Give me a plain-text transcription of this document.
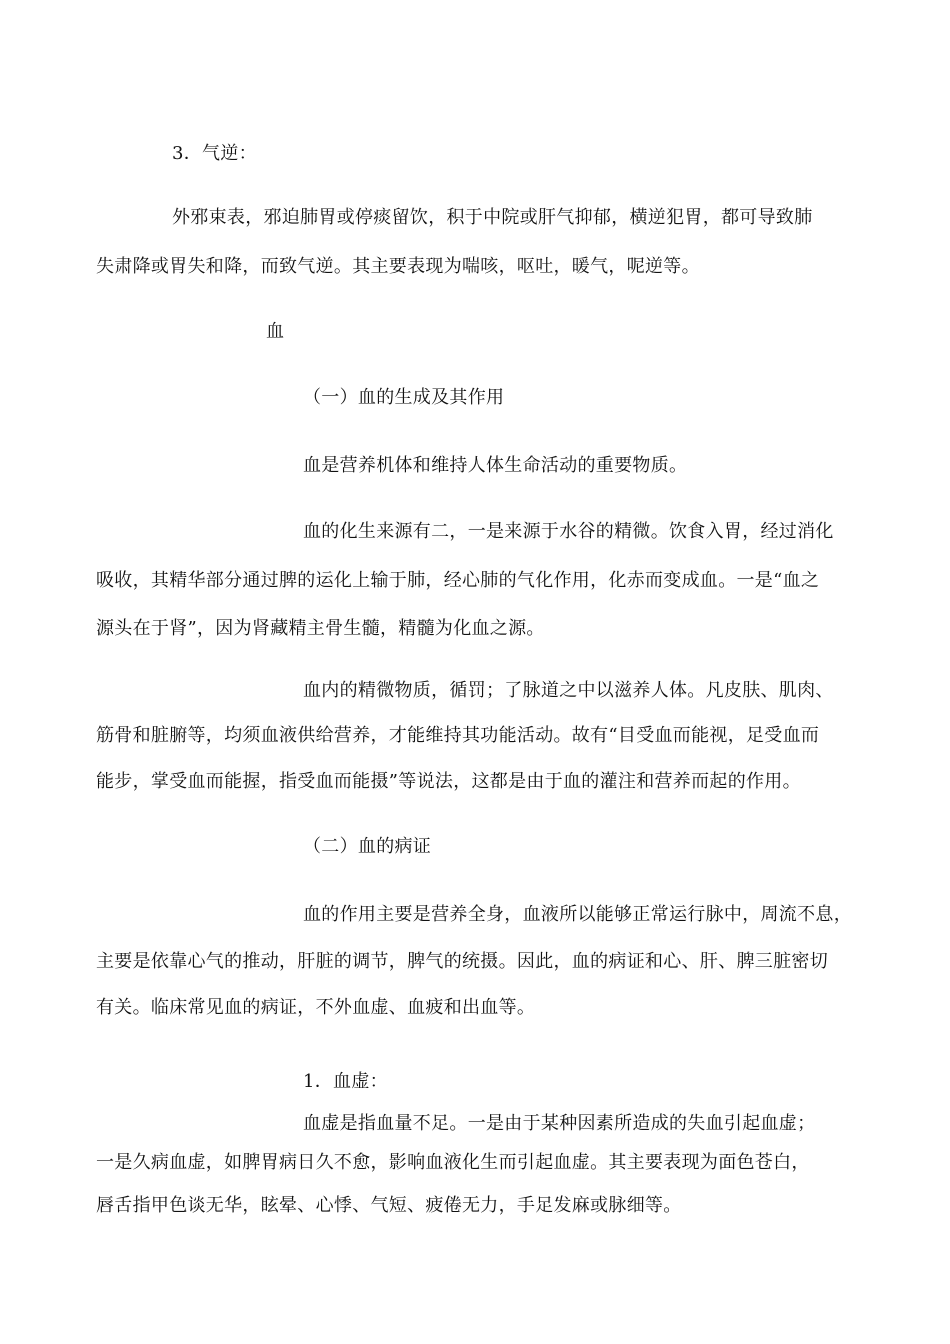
3．气逆：
外邪束表，邪迫肺胃或停痰留饮，积于中院或肝气抑郁，横逆犯胃，都可导致肺
失肃降或胃失和降，而致气逆。其主要表现为喘咳，呕吐，暖气，呢逆等。
血
（一）血的生成及其作用
血是营养机体和维持人体生命活动的重要物质。
血的化生来源有二，一是来源于水谷的精微。饮食入胃，经过消化
吸收，其精华部分通过脾的运化上输于肺，经心肺的气化作用，化赤而变成血。一是“血之
源头在于肾”，因为肾藏精主骨生髓，精髓为化血之源。
血内的精微物质，循罚；了脉道之中以滋养人体。凡皮肤、肌肉、
筋骨和脏腑等，均须血液供给营养，才能维持其功能活动。故有“目受血而能视，足受血而
能步，掌受血而能握，指受血而能摄”等说法，这都是由于血的灌注和营养而起的作用。
（二）血的病证
血的作用主要是营养全身，血液所以能够正常运行脉中，周流不息，
主要是依靠心气的推动，肝脏的调节，脾气的统摄。因此，血的病证和心、肝、脾三脏密切
有关。临床常见血的病证，不外血虚、血疲和出血等。
1．血虚：
血虚是指血量不足。一是由于某种因素所造成的失血引起血虚；
一是久病血虚，如脾胃病日久不愈，影响血液化生而引起血虚。其主要表现为面色苍白，
唇舌指甲色谈无华，眩晕、心悸、气短、疲倦无力，手足发麻或脉细等。
